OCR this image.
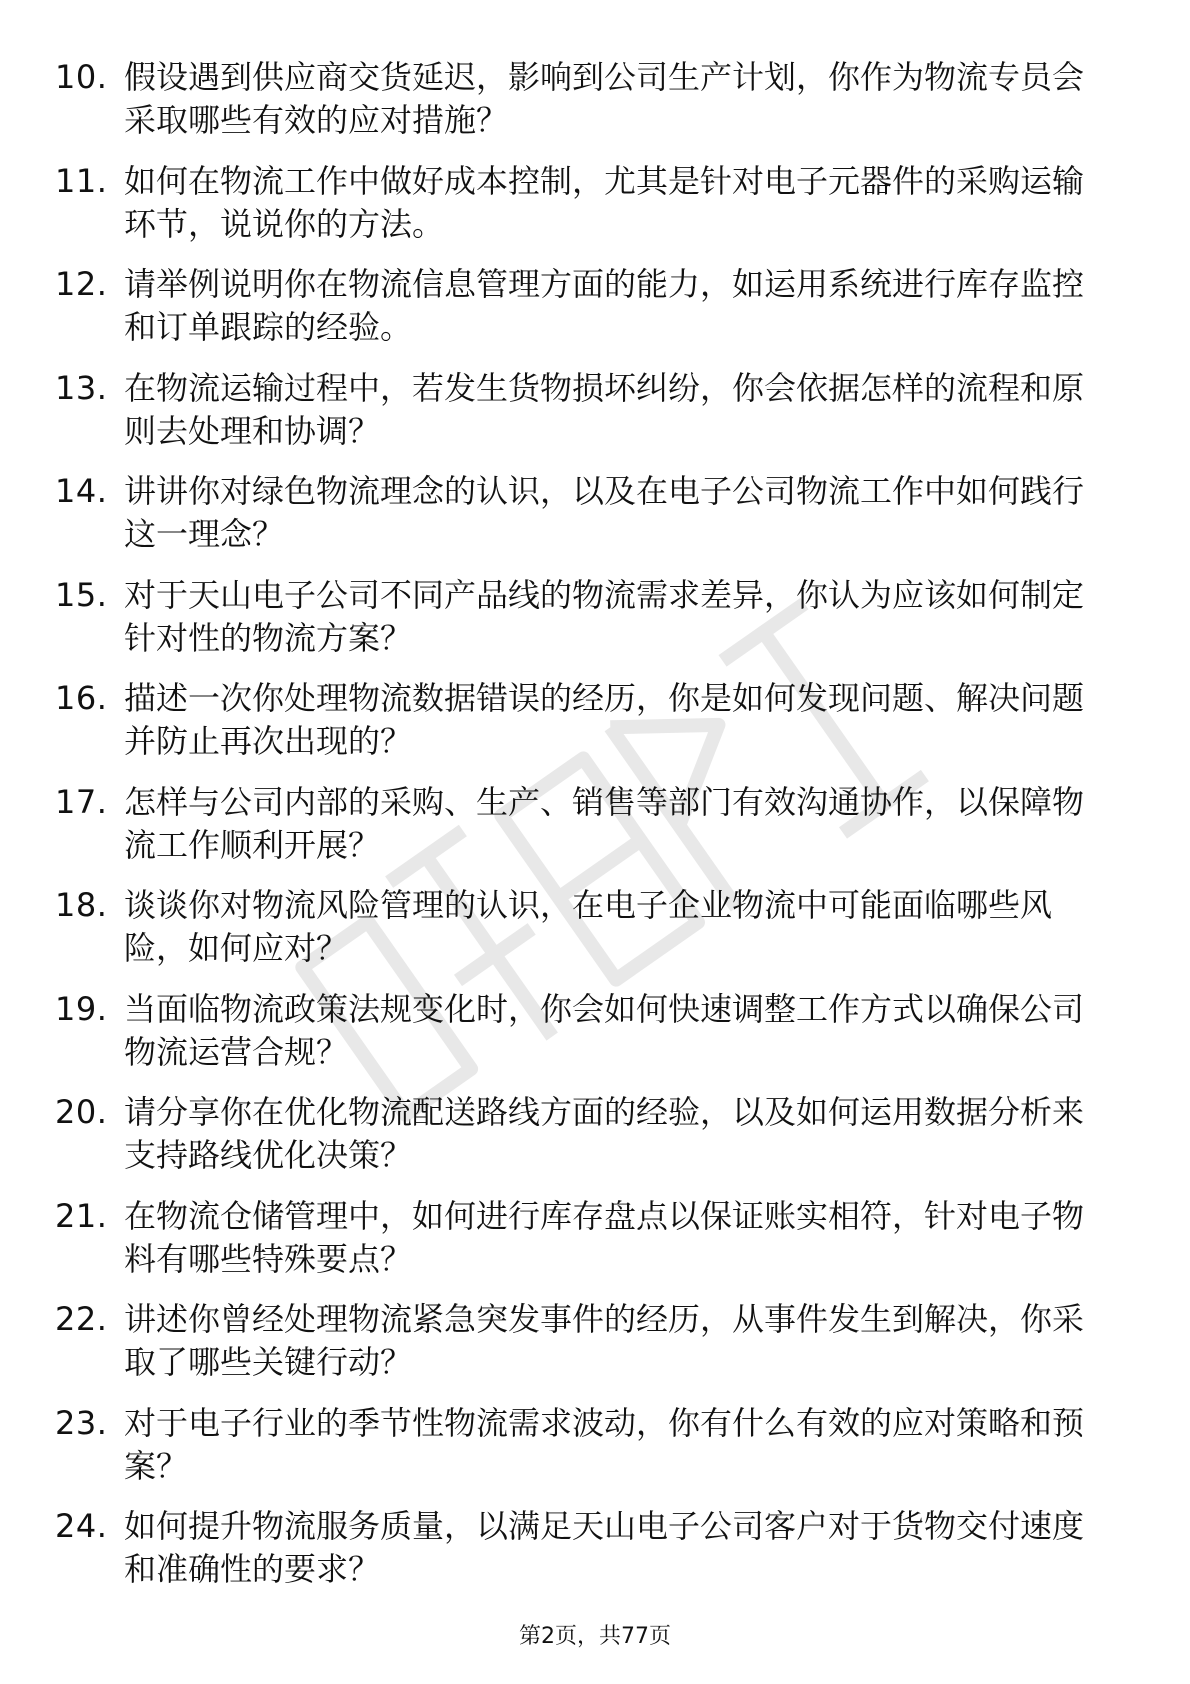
10. 假设遇到供应商交货延迟，影响到公司生产计划，你作为物流专员会采取哪些有效的应对措施？
11. 如何在物流工作中做好成本控制，尤其是针对电子元器件的采购运输环节，说说你的方法。
12. 请举例说明你在物流信息管理方面的能力，如运用系统进行库存监控和订单跟踪的经验。
13. 在物流运输过程中，若发生货物损坏纠纷，你会依据怎样的流程和原则去处理和协调？
14. 讲讲你对绿色物流理念的认识，以及在电子公司物流工作中如何践行这一理念？
15. 对于天山电子公司不同产品线的物流需求差异，你认为应该如何制定针对性的物流方案？
16. 描述一次你处理物流数据错误的经历，你是如何发现问题、解决问题并防止再次出现的？
17. 怎样与公司内部的采购、生产、销售等部门有效沟通协作，以保障物流工作顺利开展？
18. 谈谈你对物流风险管理的认识，在电子企业物流中可能面临哪些风险，如何应对？
19. 当面临物流政策法规变化时，你会如何快速调整工作方式以确保公司物流运营合规？
20. 请分享你在优化物流配送路线方面的经验，以及如何运用数据分析来支持路线优化决策？
21. 在物流仓储管理中，如何进行库存盘点以保证账实相符，针对电子物料有哪些特殊要点？
22. 讲述你曾经处理物流紧急突发事件的经历，从事件发生到解决，你采取了哪些关键行动？
23. 对于电子行业的季节性物流需求波动，你有什么有效的应对策略和预案？
24. 如何提升物流服务质量，以满足天山电子公司客户对于货物交付速度和准确性的要求？
第2页，共77页
